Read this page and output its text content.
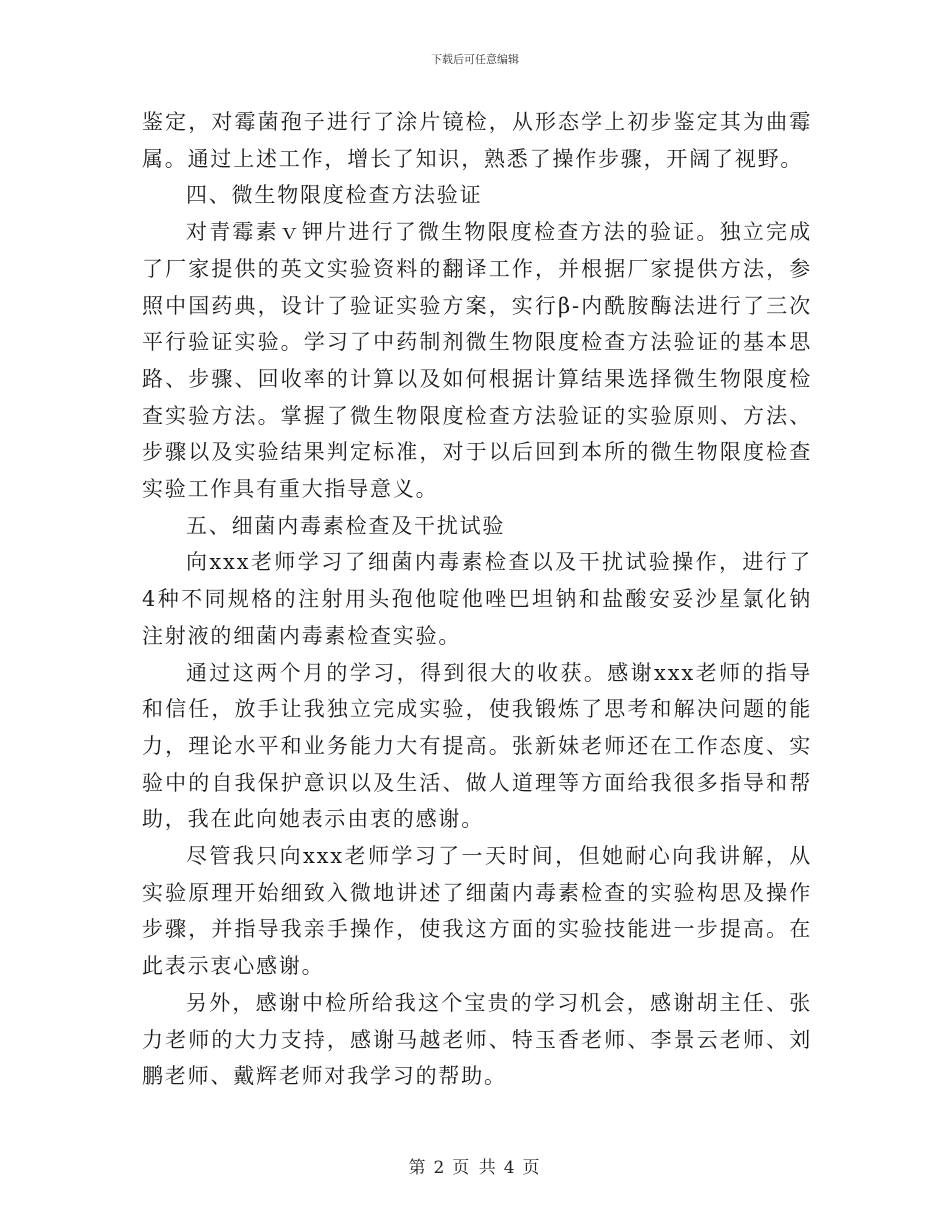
下载后可任意编辑

鉴定，对霉菌孢子进行了涂片镜检，从形态学上初步鉴定其为曲霉属。通过上述工作，增长了知识，熟悉了操作步骤，开阔了视野。

四、微生物限度检查方法验证

对青霉素ｖ钾片进行了微生物限度检查方法的验证。独立完成了厂家提供的英文实验资料的翻译工作，并根据厂家提供方法，参照中国药典，设计了验证实验方案，实行β-内酰胺酶法进行了三次平行验证实验。学习了中药制剂微生物限度检查方法验证的基本思路、步骤、回收率的计算以及如何根据计算结果选择微生物限度检查实验方法。掌握了微生物限度检查方法验证的实验原则、方法、步骤以及实验结果判定标准，对于以后回到本所的微生物限度检查实验工作具有重大指导意义。

五、细菌内毒素检查及干扰试验

向xxx老师学习了细菌内毒素检查以及干扰试验操作，进行了4种不同规格的注射用头孢他啶他唑巴坦钠和盐酸安妥沙星氯化钠注射液的细菌内毒素检查实验。

通过这两个月的学习，得到很大的收获。感谢xxx老师的指导和信任，放手让我独立完成实验，使我锻炼了思考和解决问题的能力，理论水平和业务能力大有提高。张新妹老师还在工作态度、实验中的自我保护意识以及生活、做人道理等方面给我很多指导和帮助，我在此向她表示由衷的感谢。

尽管我只向xxx老师学习了一天时间，但她耐心向我讲解，从实验原理开始细致入微地讲述了细菌内毒素检查的实验构思及操作步骤，并指导我亲手操作，使我这方面的实验技能进一步提高。在此表示衷心感谢。

另外，感谢中检所给我这个宝贵的学习机会，感谢胡主任、张力老师的大力支持，感谢马越老师、特玉香老师、李景云老师、刘鹏老师、戴辉老师对我学习的帮助。

第 2 页 共 4 页
